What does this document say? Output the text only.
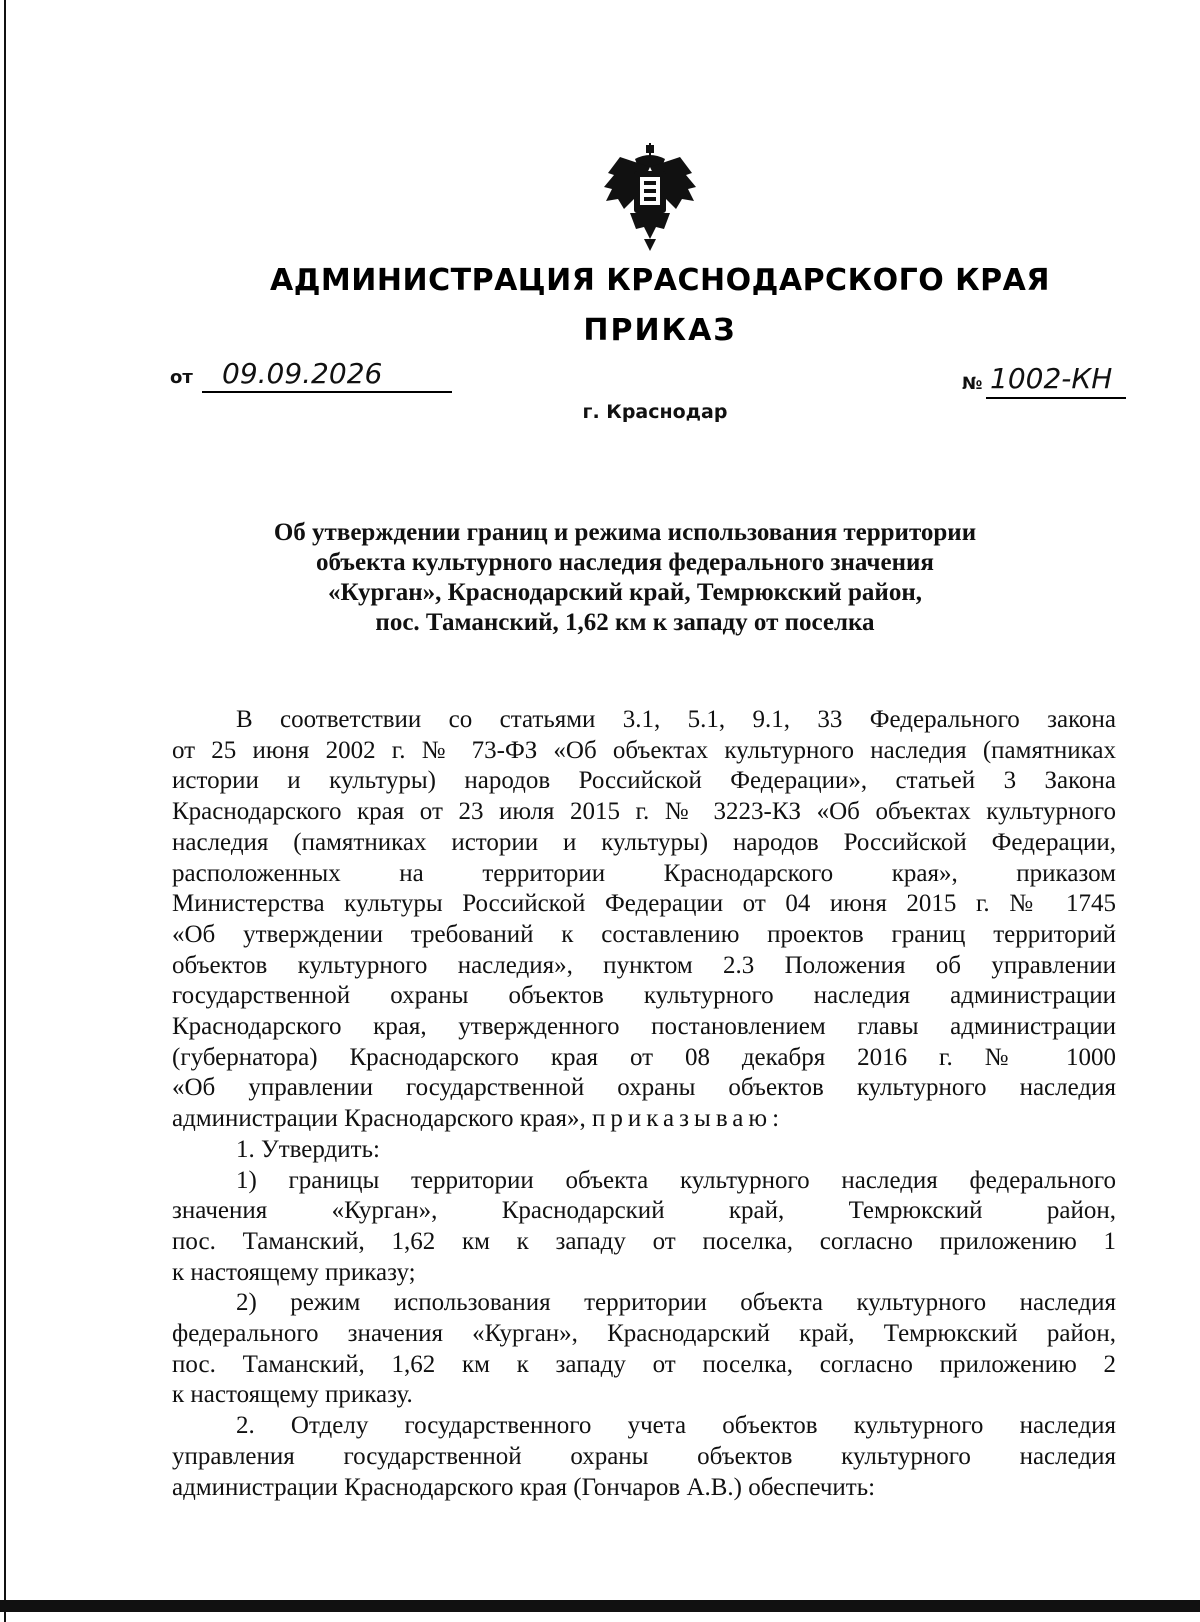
АДМИНИСТРАЦИЯ КРАСНОДАРСКОГО КРАЯ
ПРИКАЗ
от 09.09.2026
г. Краснодар
№ 1002-КН
Об утверждении границ и режима использования территории
объекта культурного наследия федерального значения
«Курган», Краснодарский край, Темрюкский район,
пос. Таманский, 1,62 км к западу от поселка
В соответствии со статьями 3.1, 5.1, 9.1, 33 Федерального закона
от 25 июня 2002 г. № 73-ФЗ «Об объектах культурного наследия (памятниках
истории и культуры) народов Российской Федерации», статьей 3 Закона
Краснодарского края от 23 июля 2015 г. № 3223-КЗ «Об объектах культурного
наследия (памятниках истории и культуры) народов Российской Федерации,
расположенных на территории Краснодарского края», приказом
Министерства культуры Российской Федерации от 04 июня 2015 г. № 1745
«Об утверждении требований к составлению проектов границ территорий
объектов культурного наследия», пунктом 2.3 Положения об управлении
государственной охраны объектов культурного наследия администрации
Краснодарского края, утвержденного постановлением главы администрации
(губернатора) Краснодарского края от 08 декабря 2016 г. № 1000
«Об управлении государственной охраны объектов культурного наследия
администрации Краснодарского края», приказываю:
1. Утвердить:
1) границы территории объекта культурного наследия федерального
значения «Курган», Краснодарский край, Темрюкский район,
пос. Таманский, 1,62 км к западу от поселка, согласно приложению 1
к настоящему приказу;
2) режим использования территории объекта культурного наследия
федерального значения «Курган», Краснодарский край, Темрюкский район,
пос. Таманский, 1,62 км к западу от поселка, согласно приложению 2
к настоящему приказу.
2. Отделу государственного учета объектов культурного наследия
управления государственной охраны объектов культурного наследия
администрации Краснодарского края (Гончаров А.В.) обеспечить:
